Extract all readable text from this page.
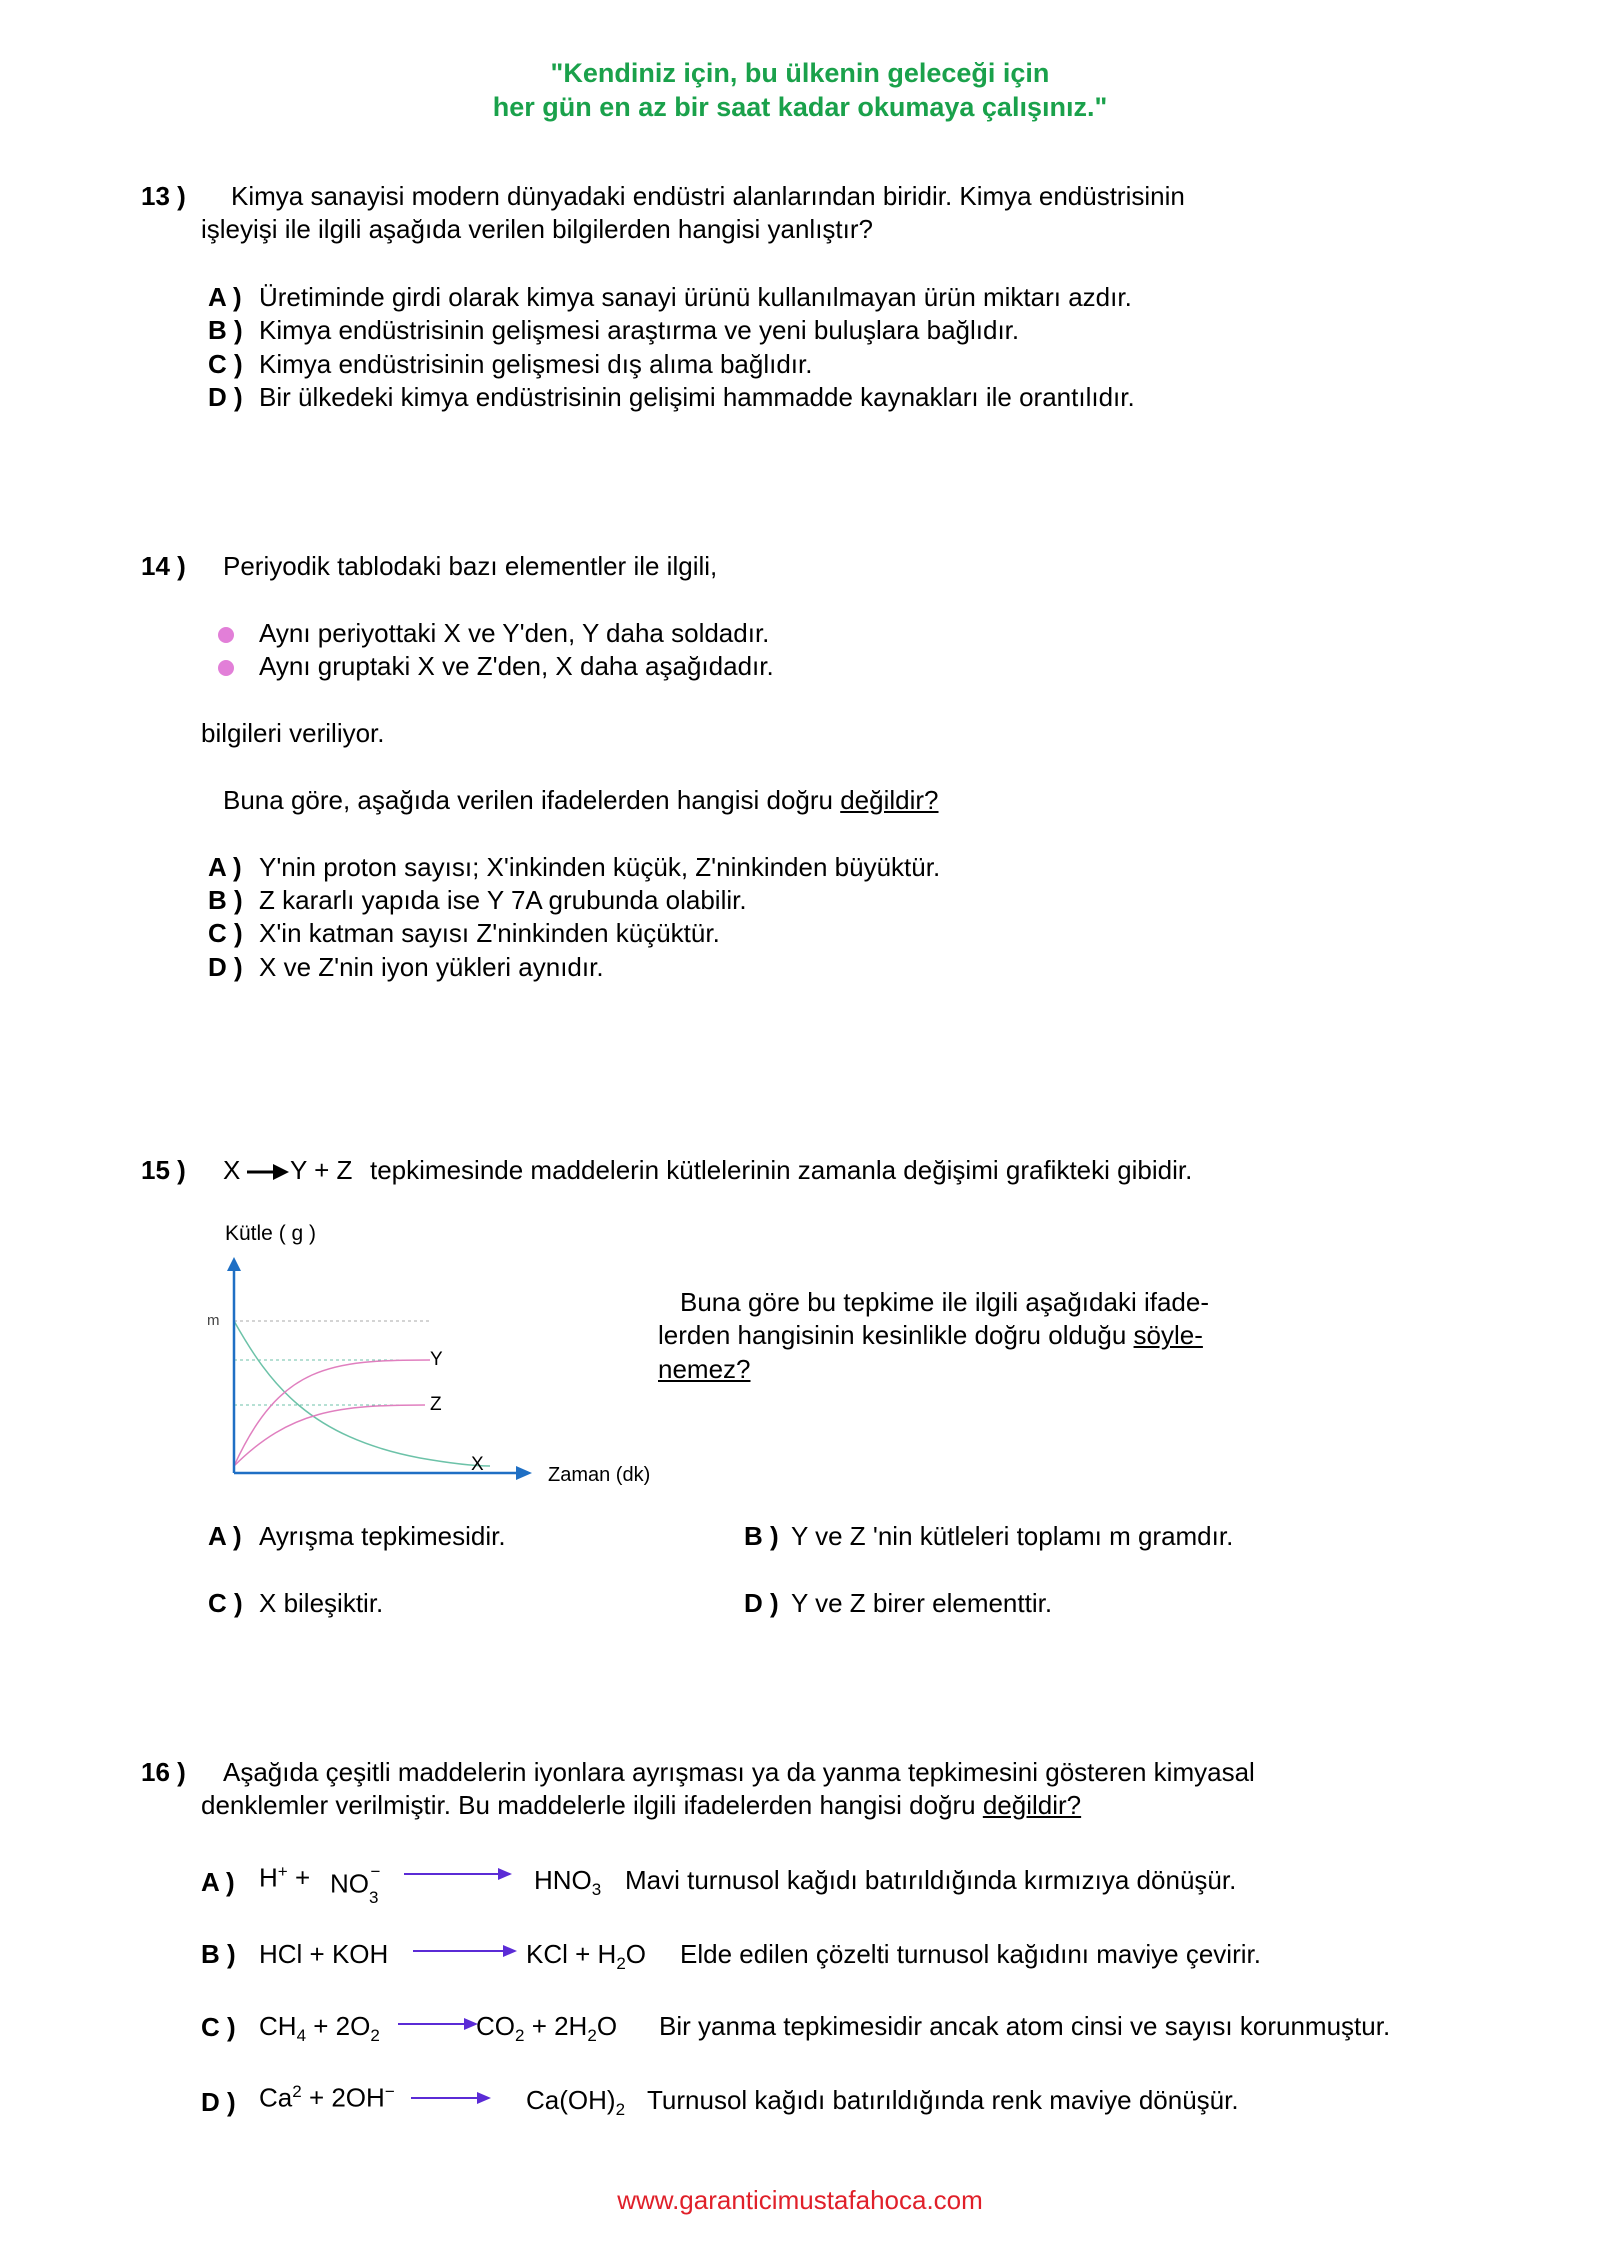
"Kendiniz için, bu ülkenin geleceği için
her gün en az bir saat kadar okumaya çalışınız."
13 ) Kimya sanayisi modern dünyadaki endüstri alanlarından biridir. Kimya endüstrisinin
işleyişi ile ilgili aşağıda verilen bilgilerden hangisi yanlıştır?
A ) Üretiminde girdi olarak kimya sanayi ürünü kullanılmayan ürün miktarı azdır.
B ) Kimya endüstrisinin gelişmesi araştırma ve yeni buluşlara bağlıdır.
C ) Kimya endüstrisinin gelişmesi dış alıma bağlıdır.
D ) Bir ülkedeki kimya endüstrisinin gelişimi hammadde kaynakları ile orantılıdır.
14 ) Periyodik tablodaki bazı elementler ile ilgili,
Aynı periyottaki X ve Y'den, Y daha soldadır.
Aynı gruptaki X ve Z'den, X daha aşağıdadır.
bilgileri veriliyor.
Buna göre, aşağıda verilen ifadelerden hangisi doğru değildir?
A ) Y'nin proton sayısı; X'inkinden küçük, Z'ninkinden büyüktür.
B ) Z kararlı yapıda ise Y 7A grubunda olabilir.
C ) X'in katman sayısı Z'ninkinden küçüktür.
D ) X ve Z'nin iyon yükleri aynıdır.
15 ) X → Y + Z tepkimesinde maddelerin kütlelerinin zamanla değişimi grafikteki gibidir.
Kütle ( g )
m
Y
Z
X	Zaman (dk)
Buna göre bu tepkime ile ilgili aşağıdaki ifade-
lerden hangisinin kesinlikle doğru olduğu söyle-
nemez?
A ) Ayrışma tepkimesidir.	B ) Y ve Z 'nin kütleleri toplamı m gramdır.
C ) X bileşiktir.	D ) Y ve Z birer elementtir.
16 ) Aşağıda çeşitli maddelerin iyonlara ayrışması ya da yanma tepkimesini gösteren kimyasal
denklemler verilmiştir. Bu maddelerle ilgili ifadelerden hangisi doğru değildir?
A ) $H^+ + NO_3^-$	$HNO_3$ Mavi turnusol kağıdı batırıldığında kırmızıya dönüşür.
B ) HCl + KOH	KCl + $H_2O$ Elde edilen çözelti turnusol kağıdını maviye çevirir.
C ) $CH_4 + 2O_2$	$CO_2 + 2H_2O$ Bir yanma tepkimesidir ancak atom cinsi ve sayısı korunmuştur.
D ) $Ca^2 + 2OH^- \to Ca(OH)_2$ Turnusol kağıdı batırıldığında renk maviye dönüşür.
www.garanticimustafahoca.com
